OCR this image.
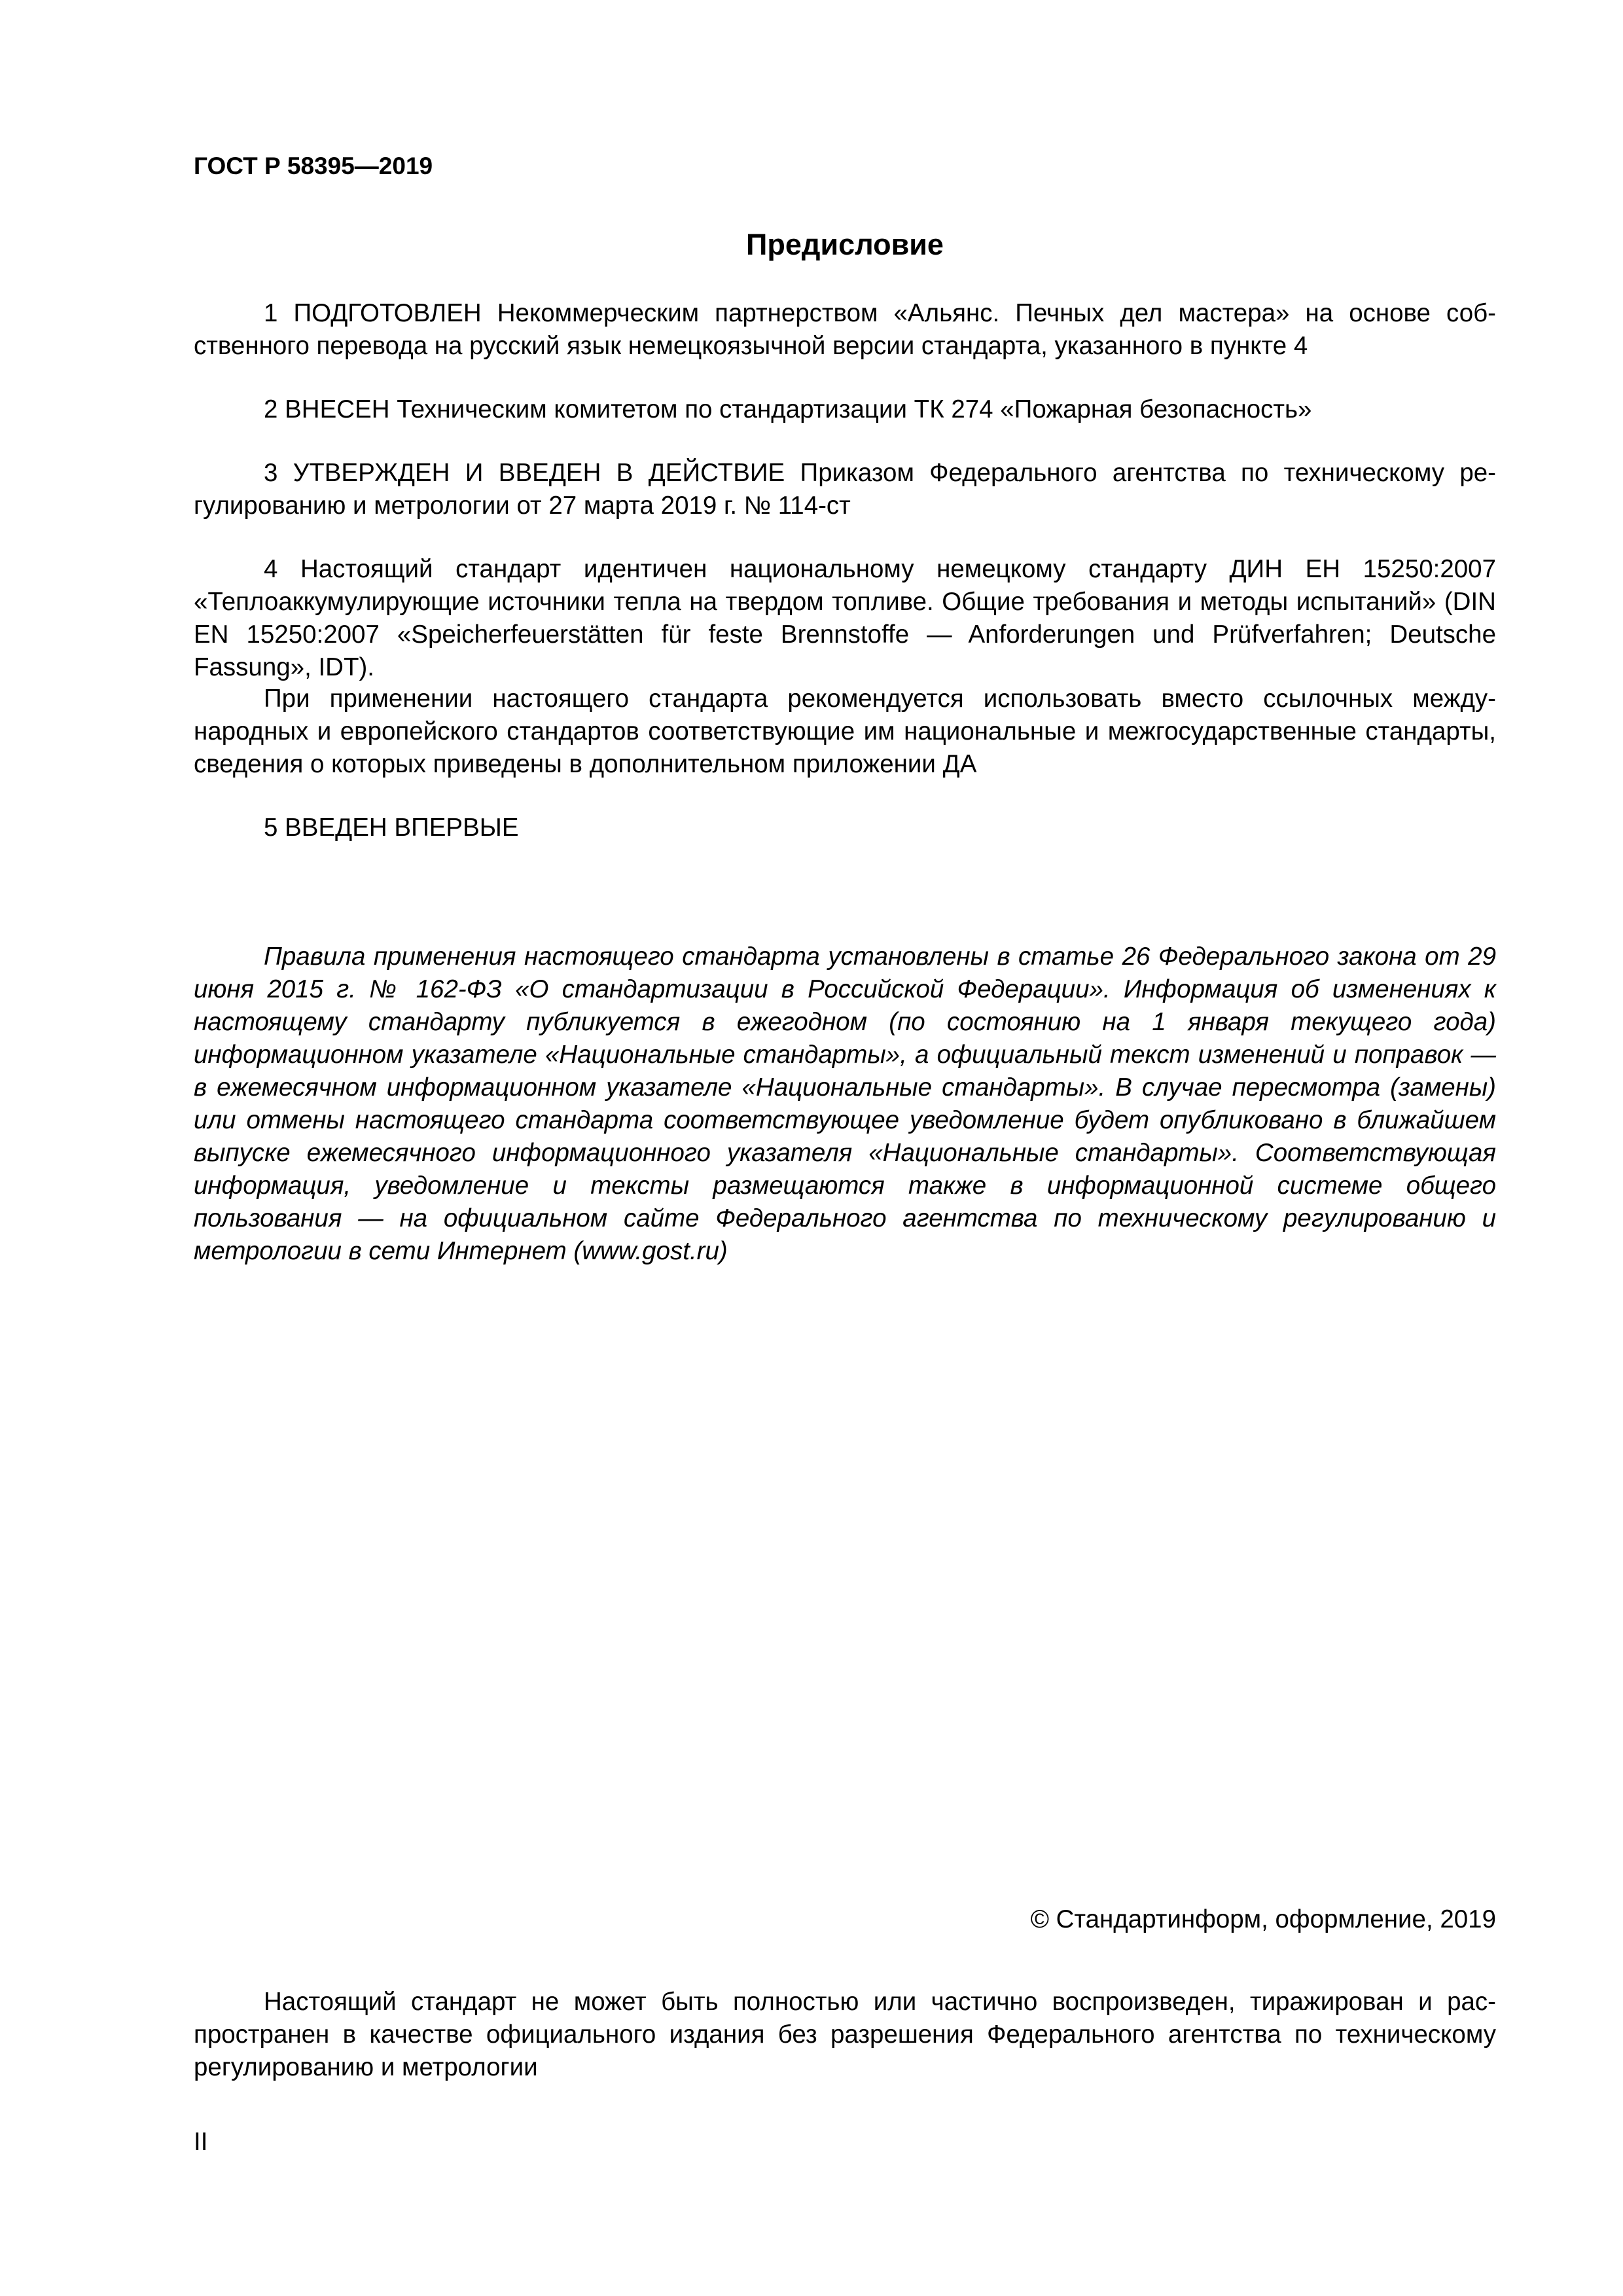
ГОСТ Р 58395—2019
Предисловие

1 ПОДГОТОВЛЕН Некоммерческим партнерством «Альянс. Печных дел мастера» на основе собственного перевода на русский язык немецкоязычной версии стандарта, указанного в пункте 4

2 ВНЕСЕН Техническим комитетом по стандартизации ТК 274 «Пожарная безопасность»

3 УТВЕРЖДЕН И ВВЕДЕН В ДЕЙСТВИЕ Приказом Федерального агентства по техническому регулированию и метрологии от 27 марта 2019 г. № 114-ст

4 Настоящий стандарт идентичен национальному немецкому стандарту ДИН ЕН 15250:2007 «Теплоаккумулирующие источники тепла на твердом топливе. Общие требования и методы испытаний» (DIN EN 15250:2007 «Speicherfeuerstätten für feste Brennstoffe — Anforderungen und Prüfverfahren; Deutsche Fassung», IDT).

При применении настоящего стандарта рекомендуется использовать вместо ссылочных международных и европейского стандартов соответствующие им национальные и межгосударственные стандарты, сведения о которых приведены в дополнительном приложении ДА

5 ВВЕДЕН ВПЕРВЫЕ

Правила применения настоящего стандарта установлены в статье 26 Федерального закона от 29 июня 2015 г. № 162-ФЗ «О стандартизации в Российской Федерации». Информация об изменениях к настоящему стандарту публикуется в ежегодном (по состоянию на 1 января текущего года) информационном указателе «Национальные стандарты», а официальный текст изменений и поправок — в ежемесячном информационном указателе «Национальные стандарты». В случае пересмотра (замены) или отмены настоящего стандарта соответствующее уведомление будет опубликовано в ближайшем выпуске ежемесячного информационного указателя «Национальные стандарты». Соответствующая информация, уведомление и тексты размещаются также в информационной системе общего пользования — на официальном сайте Федерального агентства по техническому регулированию и метрологии в сети Интернет (www.gost.ru)

© Стандартинформ, оформление, 2019

Настоящий стандарт не может быть полностью или частично воспроизведен, тиражирован и распространен в качестве официального издания без разрешения Федерального агентства по техническому регулированию и метрологии

II
